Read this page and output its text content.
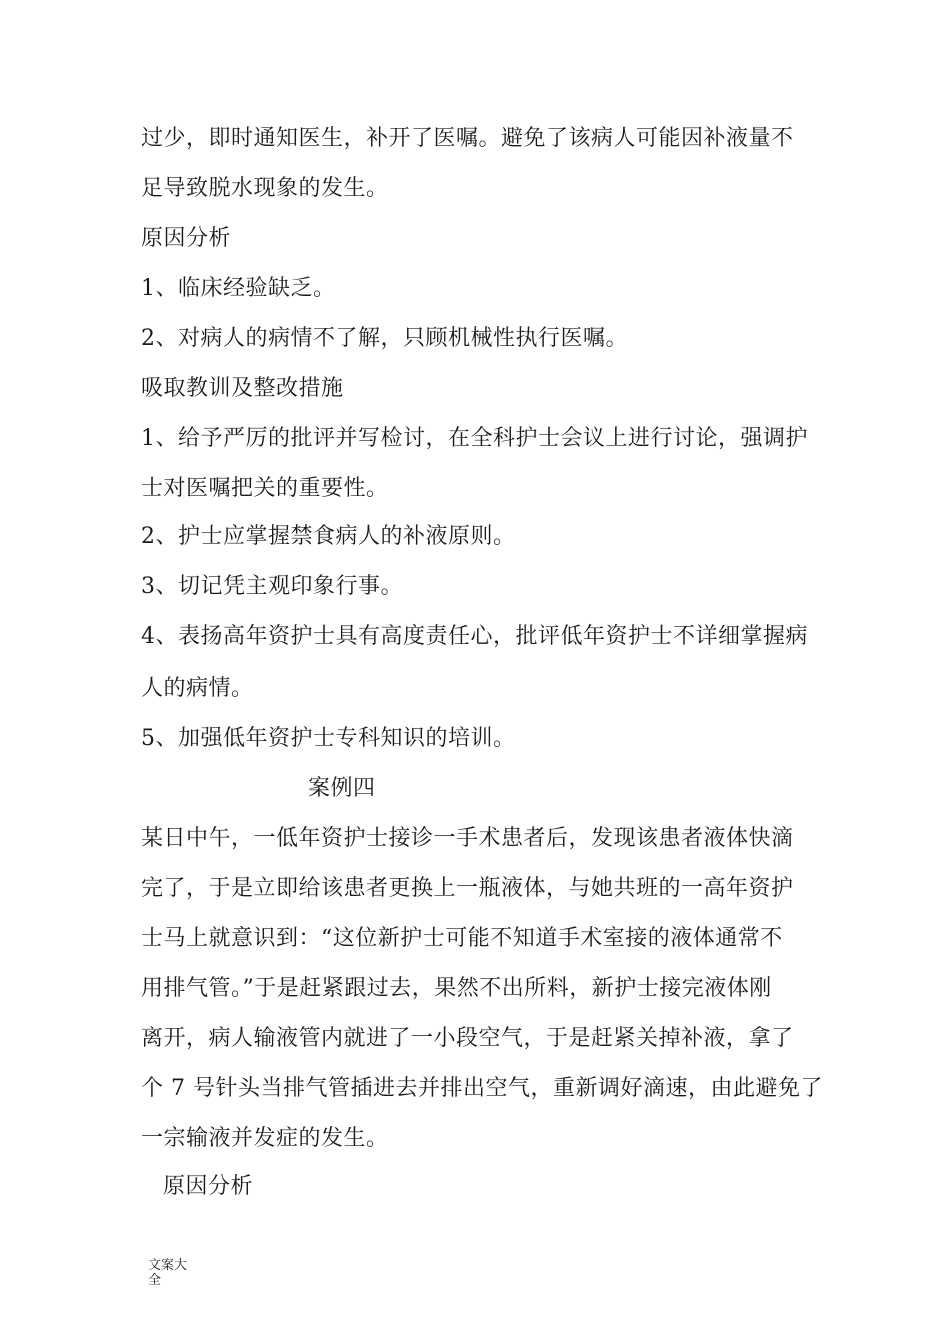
过少，即时通知医生，补开了医嘱。避免了该病人可能因补液量不
足导致脱水现象的发生。
原因分析
1、临床经验缺乏。
2、对病人的病情不了解，只顾机械性执行医嘱。
吸取教训及整改措施
1、给予严厉的批评并写检讨，在全科护士会议上进行讨论，强调护
士对医嘱把关的重要性。
2、护士应掌握禁食病人的补液原则。
3、切记凭主观印象行事。
4、表扬高年资护士具有高度责任心，批评低年资护士不详细掌握病
人的病情。
5、加强低年资护士专科知识的培训。
案例四
某日中午，一低年资护士接诊一手术患者后，发现该患者液体快滴
完了，于是立即给该患者更换上一瓶液体，与她共班的一高年资护
士马上就意识到：“这位新护士可能不知道手术室接的液体通常不
用排气管。”于是赶紧跟过去，果然不出所料，新护士接完液体刚
离开，病人输液管内就进了一小段空气，于是赶紧关掉补液，拿了
个 7 号针头当排气管插进去并排出空气，重新调好滴速，由此避免了
一宗输液并发症的发生。
原因分析
文案大全
